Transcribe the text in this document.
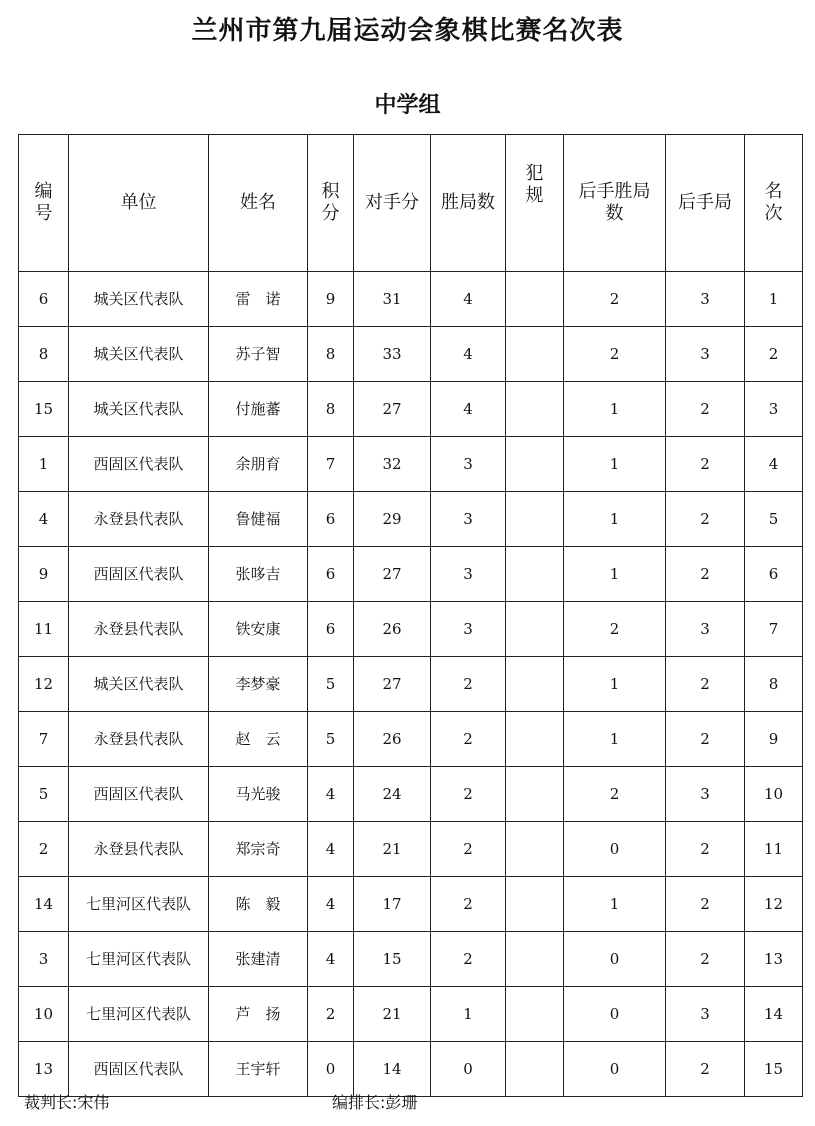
兰州市第九届运动会象棋比赛名次表
中学组
编号	单位	姓名	积分	对手分	胜局数	犯规	后手胜局数	后手局	名次
6	城关区代表队	雷　诺	9	31	4		2	3	1
8	城关区代表队	苏子智	8	33	4		2	3	2
15	城关区代表队	付施蕃	8	27	4		1	2	3
1	西固区代表队	余朋育	7	32	3		1	2	4
4	永登县代表队	鲁健福	6	29	3		1	2	5
9	西固区代表队	张哆吉	6	27	3		1	2	6
11	永登县代表队	铁安康	6	26	3		2	3	7
12	城关区代表队	李梦豪	5	27	2		1	2	8
7	永登县代表队	赵　云	5	26	2		1	2	9
5	西固区代表队	马光骏	4	24	2		2	3	10
2	永登县代表队	郑宗奇	4	21	2		0	2	11
14	七里河区代表队	陈　毅	4	17	2		1	2	12
3	七里河区代表队	张建清	4	15	2		0	2	13
10	七里河区代表队	芦　扬	2	21	1		0	3	14
13	西固区代表队	王宇轩	0	14	0		0	2	15
裁判长:宋伟	编排长:彭珊
